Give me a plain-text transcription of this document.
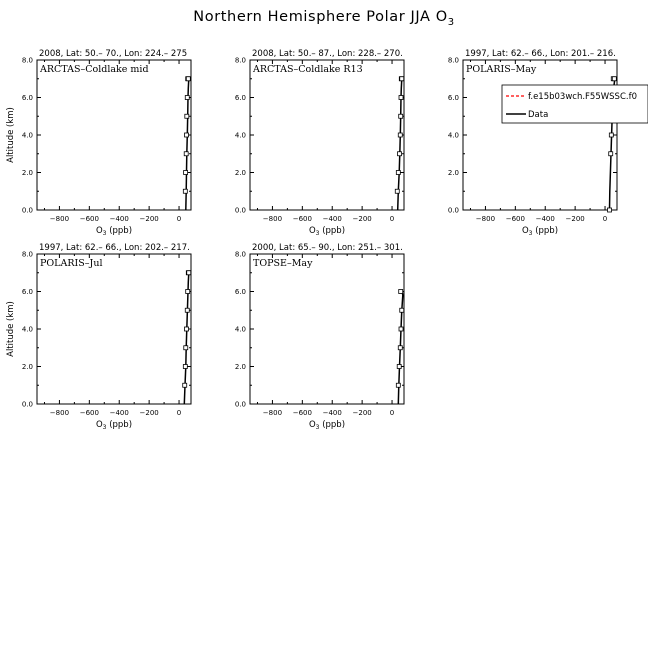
Northern Hemisphere Polar JJA $O_3$
2008, Lat: 50.– 70., Lon: 224.– 275
ARCTAS–Coldlake mid
−800 −600 −400 −200	0
0.0
2.0
4.0
6.0
8.0
$O_3$ (ppb)
Altitude (km)
2008, Lat: 50.– 87., Lon: 228.– 270.
ARCTAS–Coldlake R13
−800 −600 −400 −200	0
0.0
2.0
4.0
6.0
8.0
$O_3$ (ppb)
1997, Lat: 62.– 66., Lon: 201.– 216.
POLARIS–May
−800 −600 −400 −200	0
0.0
2.0
4.0
6.0
8.0
$O_3$ (ppb)
f.e15b03wch.F55WSSC.f0
Data
1997, Lat: 62.– 66., Lon: 202.– 217.
POLARIS–Jul
−800 −600 −400 −200	0
0.0
2.0
4.0
6.0
8.0
$O_3$ (ppb)
Altitude (km)
2000, Lat: 65.– 90., Lon: 251.– 301.
TOPSE–May
−800 −600 −400 −200	0
0.0
2.0
4.0
6.0
8.0
$O_3$ (ppb)
